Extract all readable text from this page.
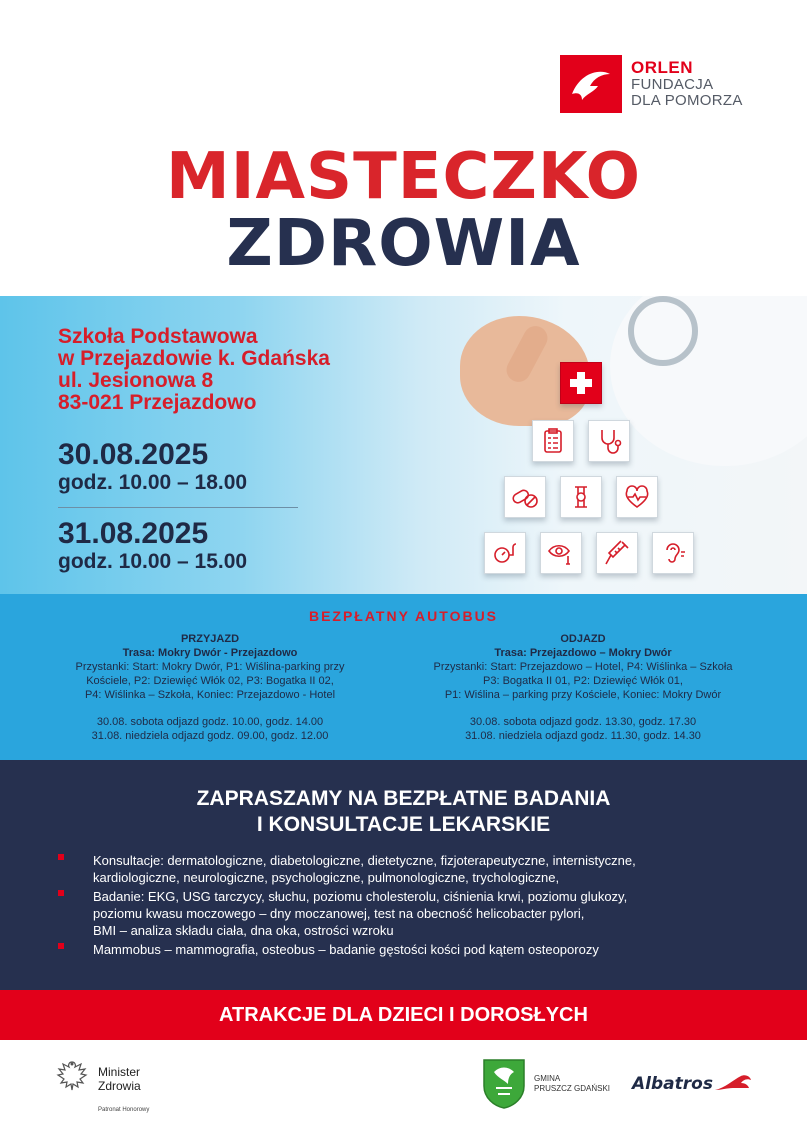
ORLEN
FUNDACJA
DLA POMORZA
MIASTECZKO
ZDROWIA
Szkoła Podstawowa
w Przejazdowie k. Gdańska
ul. Jesionowa 8
83-021 Przejazdowo
30.08.2025
godz. 10.00 – 18.00
31.08.2025
godz. 10.00 – 15.00
BEZPŁATNY AUTOBUS
PRZYJAZD
Trasa: Mokry Dwór - Przejazdowo
Przystanki: Start: Mokry Dwór, P1: Wiślina-parking przy
Kościele, P2: Dziewięć Włók 02, P3: Bogatka II 02,
P4: Wiślinka – Szkoła, Koniec: Przejazdowo - Hotel
30.08. sobota odjazd godz. 10.00, godz. 14.00
31.08. niedziela odjazd godz. 09.00, godz. 12.00
ODJAZD
Trasa: Przejazdowo – Mokry Dwór
Przystanki: Start: Przejazdowo – Hotel, P4: Wiślinka – Szkoła
P3: Bogatka II 01, P2: Dziewięć Włók 01,
P1: Wiślina – parking przy Kościele, Koniec: Mokry Dwór
30.08. sobota odjazd godz. 13.30, godz. 17.30
31.08. niedziela odjazd godz. 11.30, godz. 14.30
ZAPRASZAMY NA BEZPŁATNE BADANIA
I KONSULTACJE LEKARSKIE
Konsultacje: dermatologiczne, diabetologiczne, dietetyczne, fizjoterapeutyczne, internistyczne,
kardiologiczne, neurologiczne, psychologiczne, pulmonologiczne, trychologiczne,
Badanie: EKG, USG tarczycy, słuchu, poziomu cholesterolu, ciśnienia krwi, poziomu glukozy,
poziomu kwasu moczowego – dny moczanowej, test na obecność helicobacter pylori,
BMI – analiza składu ciała, dna oka, ostrości wzroku
Mammobus – mammografia, osteobus – badanie gęstości kości pod kątem osteoporozy
ATRAKCJE DLA DZIECI I DOROSŁYCH
Minister
Zdrowia
Patronat Honorowy
GMINA
PRUSZCZ GDAŃSKI Albatros
